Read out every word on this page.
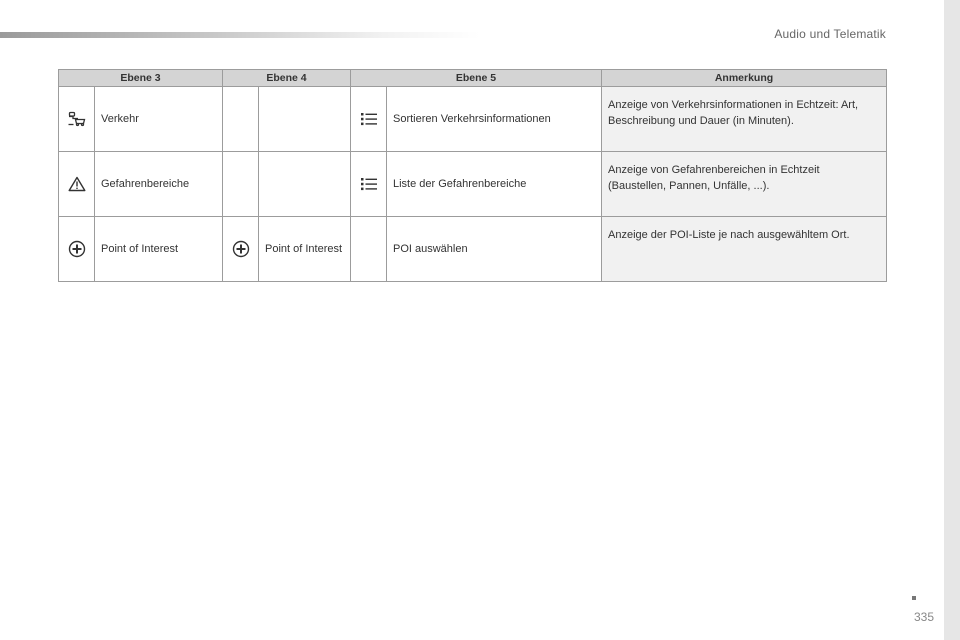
Audio und Telematik
Ebene 3		Ebene 4		Ebene 5		Anmerkung
	Verkehr				Sortieren Verkehrsinformationen	Anzeige von Verkehrsinformationen in Echtzeit: Art, Beschreibung und Dauer (in Minuten).
	Gefahrenbereiche				Liste der Gefahrenbereiche	Anzeige von Gefahrenbereichen in Echtzeit (Baustellen, Pannen, Unfälle, ...).
	Point of Interest		Point of Interest		POI auswählen	Anzeige der POI-Liste je nach ausgewähltem Ort.
335
